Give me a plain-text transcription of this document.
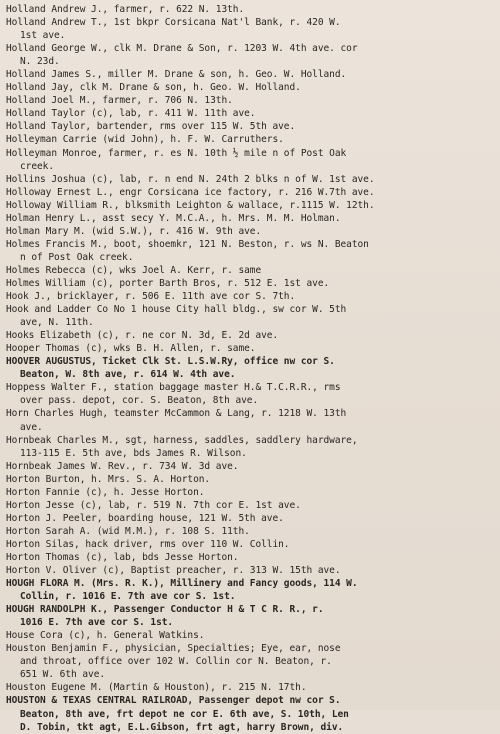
Holland Andrew J., farmer, r. 622 N. 13th.
Holland Andrew T., 1st bkpr Corsicana Nat'l Bank, r. 420 W.
1st ave.
Holland George W., clk M. Drane & Son, r. 1203 W. 4th ave. cor
N. 23d.
Holland James S., miller M. Drane & son, h. Geo. W. Holland.
Holland Jay, clk M. Drane & son, h. Geo. W. Holland.
Holland Joel M., farmer, r. 706 N. 13th.
Holland Taylor (c), lab, r. 411 W. 11th ave.
Holland Taylor, bartender, rms over 115 W. 5th ave.
Holleyman Carrie (wid John), h. F. W. Carruthers.
Holleyman Monroe, farmer, r. es N. 10th ½ mile n of Post Oak
creek.
Hollins Joshua (c), lab, r. n end N. 24th 2 blks n of W. 1st ave.
Holloway Ernest L., engr Corsicana ice factory, r. 216 W.7th ave.
Holloway William R., blksmith Leighton & wallace, r.1115 W. 12th.
Holman Henry L., asst secy Y. M.C.A., h. Mrs. M. M. Holman.
Holman Mary M. (wid S.W.), r. 416 W. 9th ave.
Holmes Francis M., boot, shoemkr, 121 N. Beston, r. ws N. Beaton
n of Post Oak creek.
Holmes Rebecca (c), wks Joel A. Kerr, r. same
Holmes William (c), porter Barth Bros, r. 512 E. 1st ave.
Hook J., bricklayer, r. 506 E. 11th ave cor S. 7th.
Hook and Ladder Co No 1 house City hall bldg., sw cor W. 5th
ave, N. 11th.
Hooks Elizabeth (c), r. ne cor N. 3d, E. 2d ave.
Hooper Thomas (c), wks B. H. Allen, r. same.
HOOVER AUGUSTUS, Ticket Clk St. L.S.W.Ry, office nw cor S.
Beaton, W. 8th ave, r. 614 W. 4th ave.
Hoppess Walter F., station baggage master H.& T.C.R.R., rms
over pass. depot, cor. S. Beaton, 8th ave.
Horn Charles Hugh, teamster McCammon & Lang, r. 1218 W. 13th
ave.
Hornbeak Charles M., sgt, harness, saddles, saddlery hardware,
113-115 E. 5th ave, bds James R. Wilson.
Hornbeak James W. Rev., r. 734 W. 3d ave.
Horton Burton, h. Mrs. S. A. Horton.
Horton Fannie (c), h. Jesse Horton.
Horton Jesse (c), lab, r. 519 N. 7th cor E. 1st ave.
Horton J. Peeler, boarding house, 121 W. 5th ave.
Horton Sarah A. (wid M.M.), r. 108 S. 11th.
Horton Silas, hack driver, rms over 110 W. Collin.
Horton Thomas (c), lab, bds Jesse Horton.
Horton V. Oliver (c), Baptist preacher, r. 313 W. 15th ave.
HOUGH FLORA M. (Mrs. R. K.), Millinery and Fancy goods, 114 W.
Collin, r. 1016 E. 7th ave cor S. 1st.
HOUGH RANDOLPH K., Passenger Conductor H & T C R. R., r.
1016 E. 7th ave cor S. 1st.
House Cora (c), h. General Watkins.
Houston Benjamin F., physician, Specialties; Eye, ear, nose
and throat, office over 102 W. Collin cor N. Beaton, r.
651 W. 6th ave.
Houston Eugene M. (Martin & Houston), r. 215 N. 17th.
HOUSTON & TEXAS CENTRAL RAILROAD, Passenger depot nw cor S.
Beaton, 8th ave, frt depot ne cor E. 6th ave, S. 10th, Len
D. Tobin, tkt agt, E.L.Gibson, frt agt, harry Brown, div.
